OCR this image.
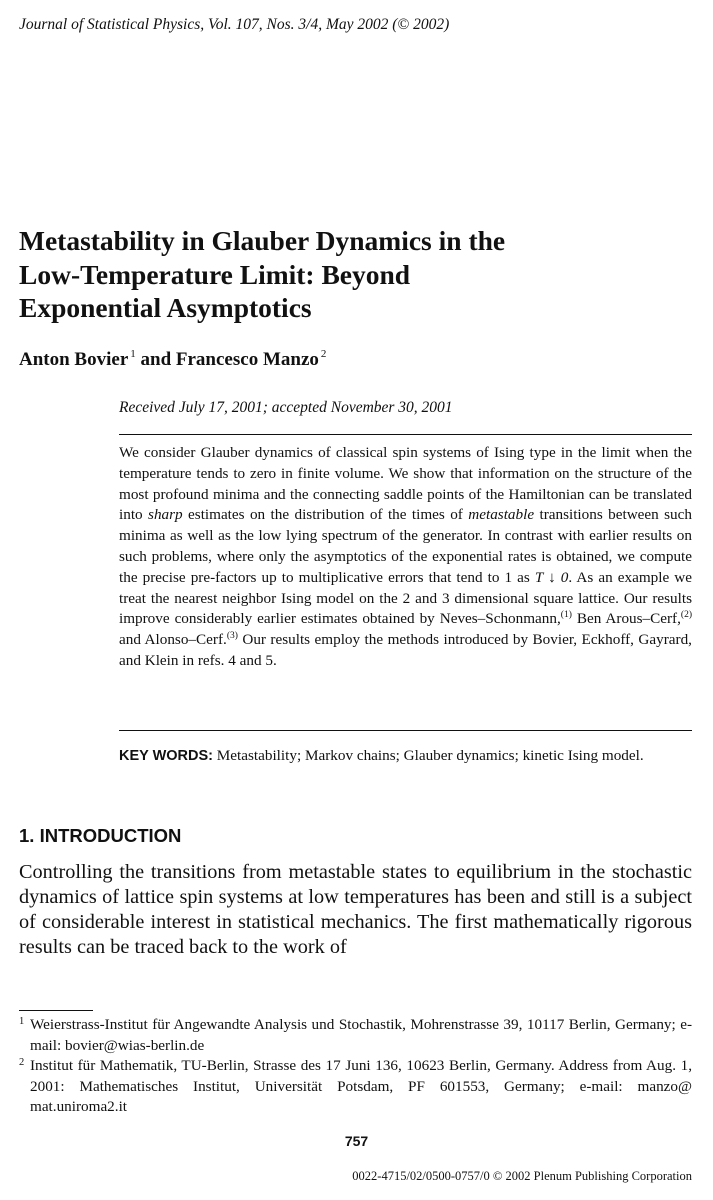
Journal of Statistical Physics, Vol. 107, Nos. 3/4, May 2002 (© 2002)
Metastability in Glauber Dynamics in the
Low-Temperature Limit: Beyond
Exponential Asymptotics
Anton Bovier $^1$ and Francesco Manzo $^2$
Received July 17, 2001; accepted November 30, 2001
We consider Glauber dynamics of classical spin systems of Ising type in the limit when the temperature tends to zero in finite volume. We show that information on the structure of the most profound minima and the connecting saddle points of the Hamiltonian can be translated into sharp estimates on the distribution of the times of metastable transitions between such minima as well as the low lying spectrum of the generator. In contrast with earlier results on such problems, where only the asymptotics of the exponential rates is obtained, we compute the precise pre-factors up to multiplicative errors that tend to 1 as T ↓ 0. As an example we treat the nearest neighbor Ising model on the 2 and 3 dimensional square lattice. Our results improve considerably earlier estimates obtained by Neves–Schonmann,$^{(1)}$ Ben Arous–Cerf,$^{(2)}$ and Alonso–Cerf.$^{(3)}$ Our results employ the methods introduced by Bovier, Eckhoff, Gayrard, and Klein in refs. 4 and 5.
KEY WORDS: Metastability; Markov chains; Glauber dynamics; kinetic Ising model.
1. INTRODUCTION
Controlling the transitions from metastable states to equilibrium in the stochastic dynamics of lattice spin systems at low temperatures has been and still is a subject of considerable interest in statistical mechanics. The first mathematically rigorous results can be traced back to the work of
1 Weierstrass-Institut für Angewandte Analysis und Stochastik, Mohrenstrasse 39, 10117 Berlin, Germany; e-mail: bovier@wias-berlin.de
2 Institut für Mathematik, TU-Berlin, Strasse des 17 Juni 136, 10623 Berlin, Germany. Address from Aug. 1, 2001: Mathematisches Institut, Universität Potsdam, PF 601553, Germany; e-mail: manzo@ mat.uniroma2.it
757
0022-4715/02/0500-0757/0 © 2002 Plenum Publishing Corporation
